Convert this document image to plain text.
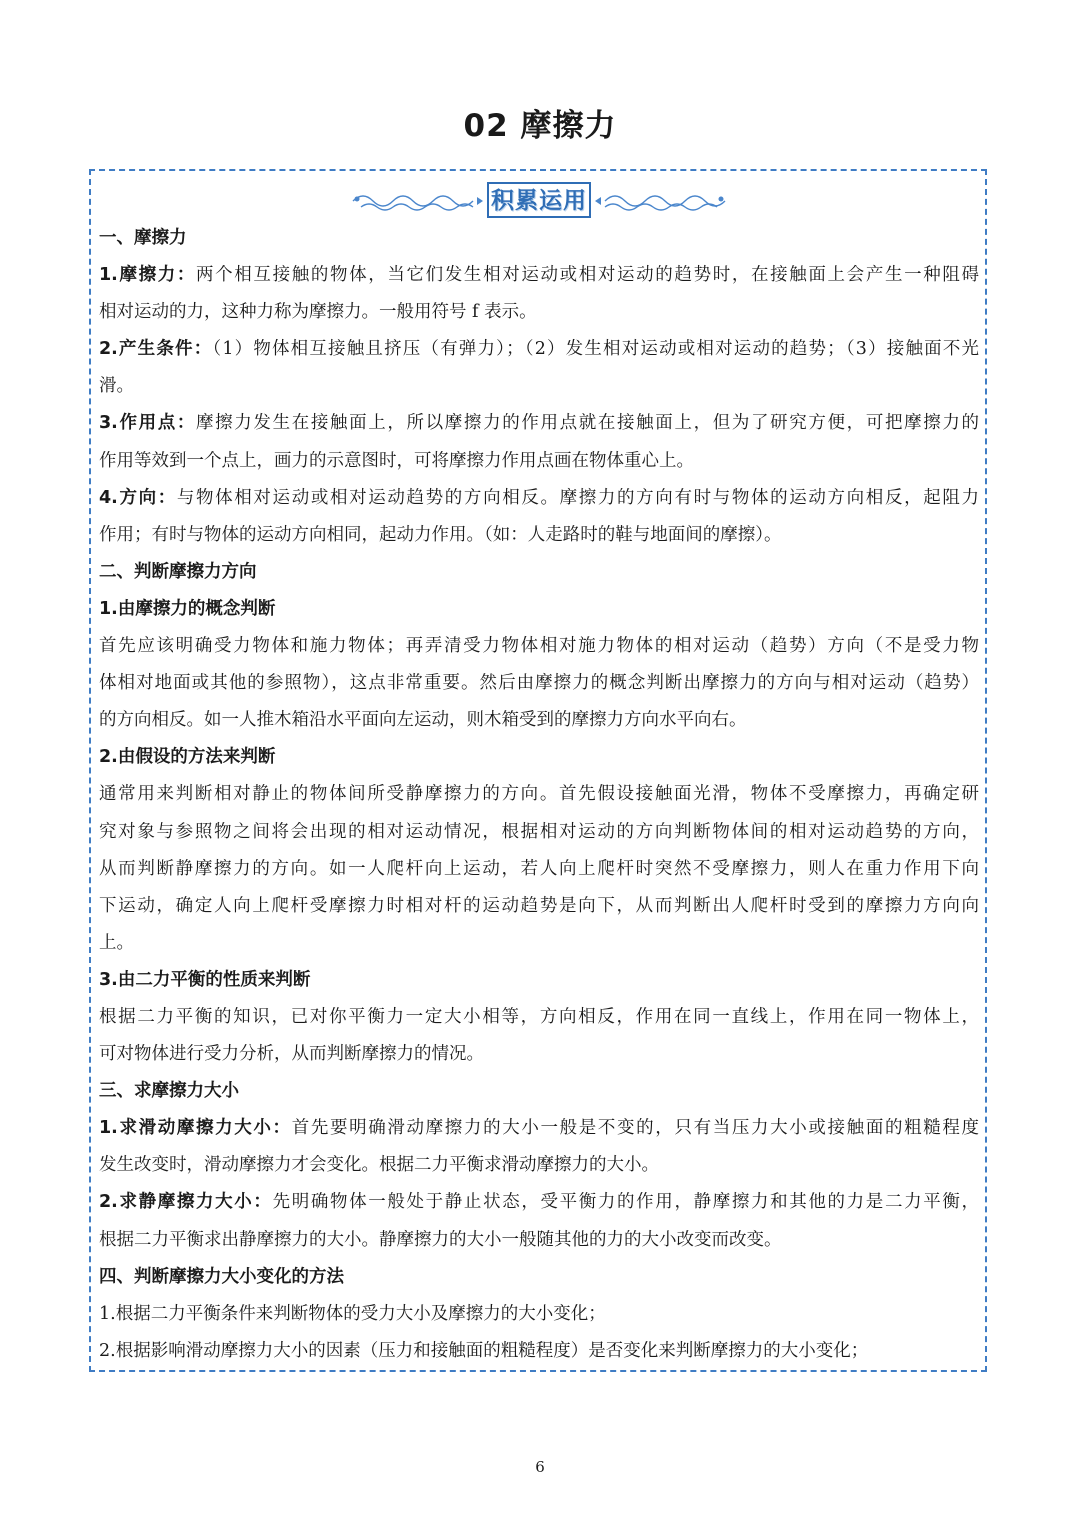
02 摩擦力
积累运用
一、摩擦力
1.摩擦力：两个相互接触的物体，当它们发生相对运动或相对运动的趋势时，在接触面上会产生一种阻碍
相对运动的力，这种力称为摩擦力。一般用符号 f 表示。
2.产生条件：（1）物体相互接触且挤压（有弹力）；（2）发生相对运动或相对运动的趋势；（3）接触面不光
滑。
3.作用点：摩擦力发生在接触面上，所以摩擦力的作用点就在接触面上，但为了研究方便，可把摩擦力的
作用等效到一个点上，画力的示意图时，可将摩擦力作用点画在物体重心上。
4.方向：与物体相对运动或相对运动趋势的方向相反。摩擦力的方向有时与物体的运动方向相反，起阻力
作用；有时与物体的运动方向相同，起动力作用。（如：人走路时的鞋与地面间的摩擦）。
二、判断摩擦力方向
1.由摩擦力的概念判断
首先应该明确受力物体和施力物体；再弄清受力物体相对施力物体的相对运动（趋势）方向（不是受力物
体相对地面或其他的参照物），这点非常重要。然后由摩擦力的概念判断出摩擦力的方向与相对运动（趋势）
的方向相反。如一人推木箱沿水平面向左运动，则木箱受到的摩擦力方向水平向右。
2.由假设的方法来判断
通常用来判断相对静止的物体间所受静摩擦力的方向。首先假设接触面光滑，物体不受摩擦力，再确定研
究对象与参照物之间将会出现的相对运动情况，根据相对运动的方向判断物体间的相对运动趋势的方向，
从而判断静摩擦力的方向。如一人爬杆向上运动，若人向上爬杆时突然不受摩擦力，则人在重力作用下向
下运动，确定人向上爬杆受摩擦力时相对杆的运动趋势是向下，从而判断出人爬杆时受到的摩擦力方向向
上。
3.由二力平衡的性质来判断
根据二力平衡的知识，已对你平衡力一定大小相等，方向相反，作用在同一直线上，作用在同一物体上，
可对物体进行受力分析，从而判断摩擦力的情况。
三、求摩擦力大小
1.求滑动摩擦力大小：首先要明确滑动摩擦力的大小一般是不变的，只有当压力大小或接触面的粗糙程度
发生改变时，滑动摩擦力才会变化。根据二力平衡求滑动摩擦力的大小。
2.求静摩擦力大小：先明确物体一般处于静止状态，受平衡力的作用，静摩擦力和其他的力是二力平衡，
根据二力平衡求出静摩擦力的大小。静摩擦力的大小一般随其他的力的大小改变而改变。
四、判断摩擦力大小变化的方法
1.根据二力平衡条件来判断物体的受力大小及摩擦力的大小变化；
2.根据影响滑动摩擦力大小的因素（压力和接触面的粗糙程度）是否变化来判断摩擦力的大小变化；
6
